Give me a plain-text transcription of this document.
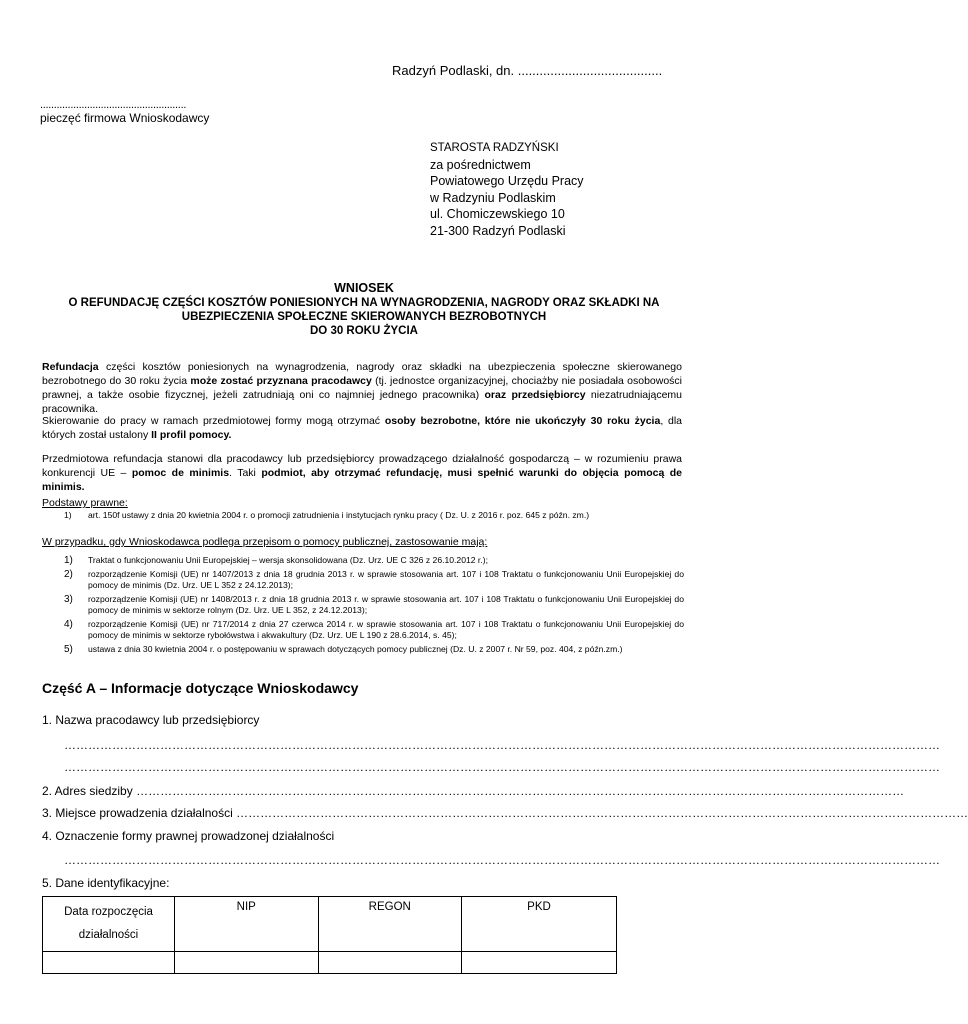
Radzyń Podlaski, dn. ........................................
.....................................................
pieczęć firmowa Wnioskodawcy
STAROSTA RADZYŃSKI
za pośrednictwem
Powiatowego Urzędu Pracy
w Radzyniu Podlaskim
ul. Chomiczewskiego 10
21-300 Radzyń Podlaski
WNIOSEK
O REFUNDACJĘ CZĘŚCI KOSZTÓW PONIESIONYCH NA WYNAGRODZENIA, NAGRODY ORAZ SKŁADKI NA
UBEZPIECZENIA SPOŁECZNE SKIEROWANYCH BEZROBOTNYCH
DO 30 ROKU ŻYCIA
Refundacja części kosztów poniesionych na wynagrodzenia, nagrody oraz składki na ubezpieczenia społeczne skierowanego bezrobotnego do 30 roku życia może zostać przyznana pracodawcy (tj. jednostce organizacyjnej, chociażby nie posiadała osobowości prawnej, a także osobie fizycznej, jeżeli zatrudniają oni co najmniej jednego pracownika) oraz przedsiębiorcy niezatrudniającemu pracownika.
Skierowanie do pracy w ramach przedmiotowej formy mogą otrzymać osoby bezrobotne, które nie ukończyły 30 roku życia, dla których został ustalony II profil pomocy.
Przedmiotowa refundacja stanowi dla pracodawcy lub przedsiębiorcy prowadzącego działalność gospodarczą – w rozumieniu prawa konkurencji UE – pomoc de minimis. Taki podmiot, aby otrzymać refundację, musi spełnić warunki do objęcia pomocą de minimis.
Podstawy prawne:
1) art. 150f ustawy z dnia 20 kwietnia 2004 r. o promocji zatrudnienia i instytucjach rynku pracy ( Dz. U. z 2016 r. poz. 645 z późn. zm.)
W przypadku, gdy Wnioskodawca podlega przepisom o pomocy publicznej, zastosowanie mają:
1) Traktat o funkcjonowaniu Unii Europejskiej – wersja skonsolidowana (Dz. Urz. UE C 326 z 26.10.2012 r.);
2) rozporządzenie Komisji (UE) nr 1407/2013 z dnia 18 grudnia 2013 r. w sprawie stosowania art. 107 i 108 Traktatu o funkcjonowaniu Unii Europejskiej do pomocy de minimis (Dz. Urz. UE L 352 z 24.12.2013);
3) rozporządzenie Komisji (UE) nr 1408/2013 r. z dnia 18 grudnia 2013 r. w sprawie stosowania art. 107 i 108 Traktatu o funkcjonowaniu Unii Europejskiej do pomocy de minimis w sektorze rolnym (Dz. Urz. UE L 352, z 24.12.2013);
4) rozporządzenie Komisji (UE) nr 717/2014 z dnia 27 czerwca 2014 r. w sprawie stosowania art. 107 i 108 Traktatu o funkcjonowaniu Unii Europejskiej do pomocy de minimis w sektorze rybołówstwa i akwakultury (Dz. Urz. UE L 190 z 28.6.2014, s. 45);
5) ustawa z dnia 30 kwietnia 2004 r. o postępowaniu w sprawach dotyczących pomocy publicznej (Dz. U. z 2007 r. Nr 59, poz. 404, z późn.zm.)
Część A – Informacje dotyczące Wnioskodawcy
1. Nazwa pracodawcy lub przedsiębiorcy
…………………………………………………………………………………………………………………………………………………………………………………………………
…………………………………………………………………………………………………………………………………………………………………………………………………
2. Adres siedziby …………………………………………………………………………………………………………………………………………………………………………
3. Miejsce prowadzenia działalności …………………………………………………………………………………………………………………………………………………………………
4. Oznaczenie formy prawnej prowadzonej działalności
…………………………………………………………………………………………………………………………………………………………………………………………………
5. Dane identyfikacyjne:
Data rozpoczęcia działalności	NIP	REGON	PKD
